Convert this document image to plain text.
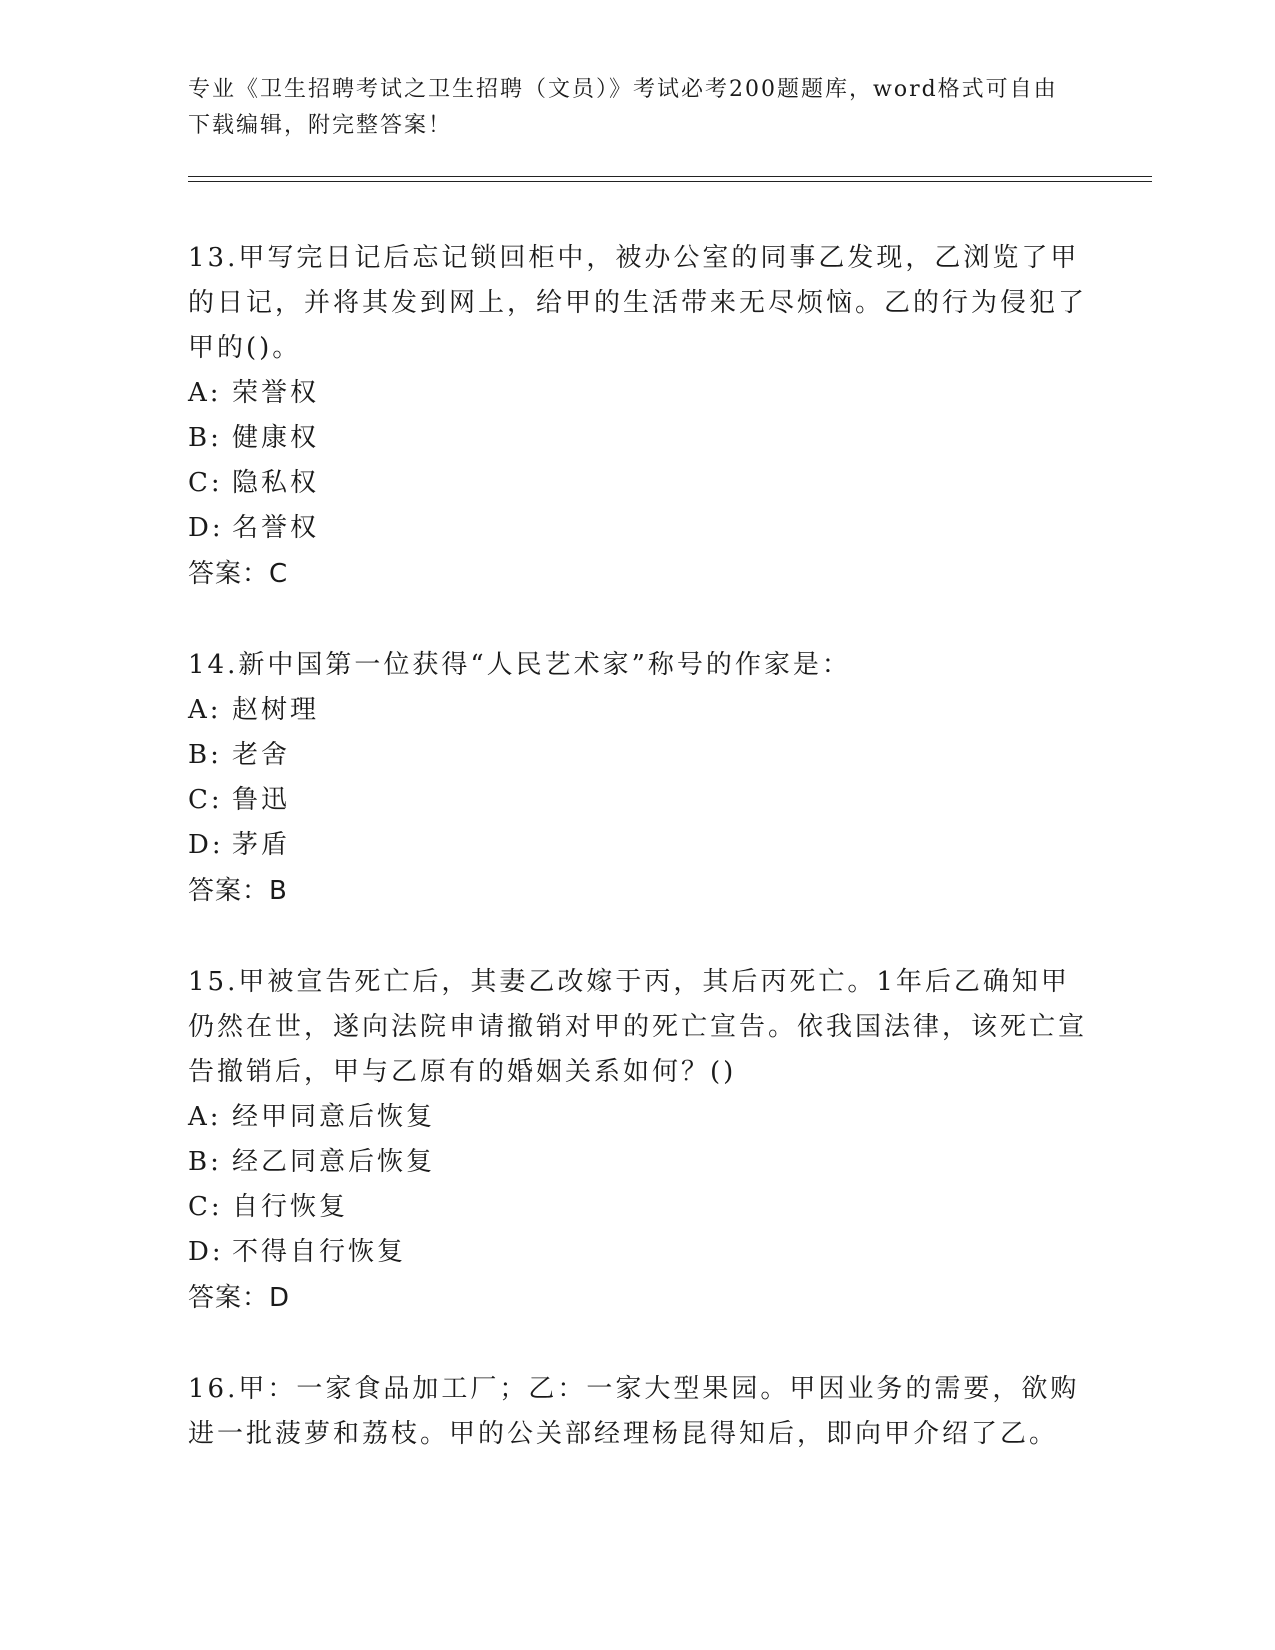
专业《卫生招聘考试之卫生招聘（文员）》考试必考200题题库，word格式可自由下载编辑，附完整答案！

13.甲写完日记后忘记锁回柜中，被办公室的同事乙发现，乙浏览了甲的日记，并将其发到网上，给甲的生活带来无尽烦恼。乙的行为侵犯了甲的()。

A: 荣誉权
B: 健康权
C: 隐私权
D: 名誉权
答案：C

14.新中国第一位获得“人民艺术家”称号的作家是：

A: 赵树理
B: 老舍
C: 鲁迅
D: 茅盾
答案：B

15.甲被宣告死亡后，其妻乙改嫁于丙，其后丙死亡。1年后乙确知甲仍然在世，遂向法院申请撤销对甲的死亡宣告。依我国法律，该死亡宣告撤销后，甲与乙原有的婚姻关系如何？()

A: 经甲同意后恢复
B: 经乙同意后恢复
C: 自行恢复
D: 不得自行恢复
答案：D

16.甲：一家食品加工厂；乙：一家大型果园。甲因业务的需要，欲购进一批菠萝和荔枝。甲的公关部经理杨昆得知后，即向甲介绍了乙。
